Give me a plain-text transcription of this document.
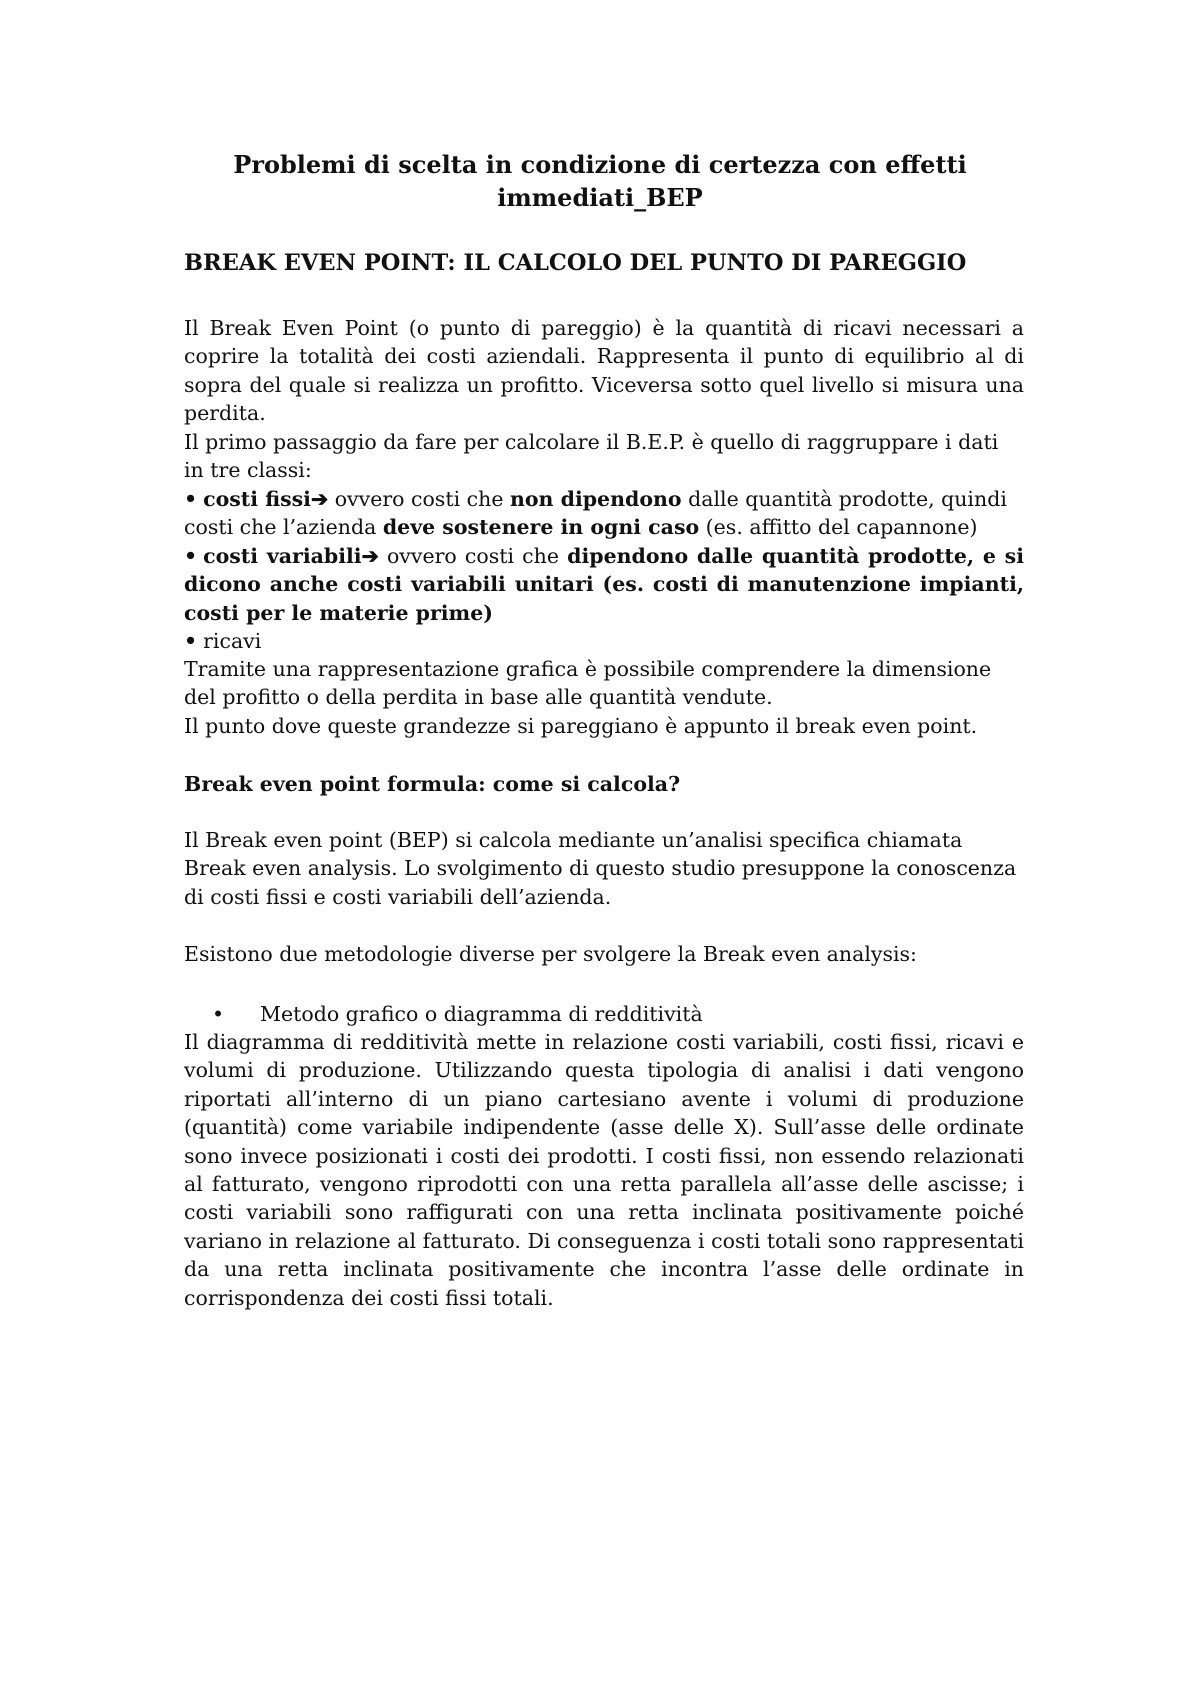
Problemi di scelta in condizione di certezza con effetti immediati_BEP
BREAK EVEN POINT: IL CALCOLO DEL PUNTO DI PAREGGIO
Il Break Even Point (o punto di pareggio) è la quantità di ricavi necessari a coprire la totalità dei costi aziendali. Rappresenta il punto di equilibrio al di sopra del quale si realizza un profitto. Viceversa sotto quel livello si misura una perdita.
Il primo passaggio da fare per calcolare il B.E.P. è quello di raggruppare i dati in tre classi:
• costi fissi➔ ovvero costi che non dipendono dalle quantità prodotte, quindi costi che l’azienda deve sostenere in ogni caso (es. affitto del capannone)
• costi variabili➔ ovvero costi che dipendono dalle quantità prodotte, e si dicono anche costi variabili unitari (es. costi di manutenzione impianti, costi per le materie prime)
• ricavi
Tramite una rappresentazione grafica è possibile comprendere la dimensione del profitto o della perdita in base alle quantità vendute.
Il punto dove queste grandezze si pareggiano è appunto il break even point.
Break even point formula: come si calcola?
Il Break even point (BEP) si calcola mediante un’analisi specifica chiamata Break even analysis. Lo svolgimento di questo studio presuppone la conoscenza di costi fissi e costi variabili dell’azienda.
Esistono due metodologie diverse per svolgere la Break even analysis:
• Metodo grafico o diagramma di redditività
Il diagramma di redditività mette in relazione costi variabili, costi fissi, ricavi e volumi di produzione. Utilizzando questa tipologia di analisi i dati vengono riportati all’interno di un piano cartesiano avente i volumi di produzione (quantità) come variabile indipendente (asse delle X). Sull’asse delle ordinate sono invece posizionati i costi dei prodotti. I costi fissi, non essendo relazionati al fatturato, vengono riprodotti con una retta parallela all’asse delle ascisse; i costi variabili sono raffigurati con una retta inclinata positivamente poiché variano in relazione al fatturato. Di conseguenza i costi totali sono rappresentati da una retta inclinata positivamente che incontra l’asse delle ordinate in corrispondenza dei costi fissi totali.
